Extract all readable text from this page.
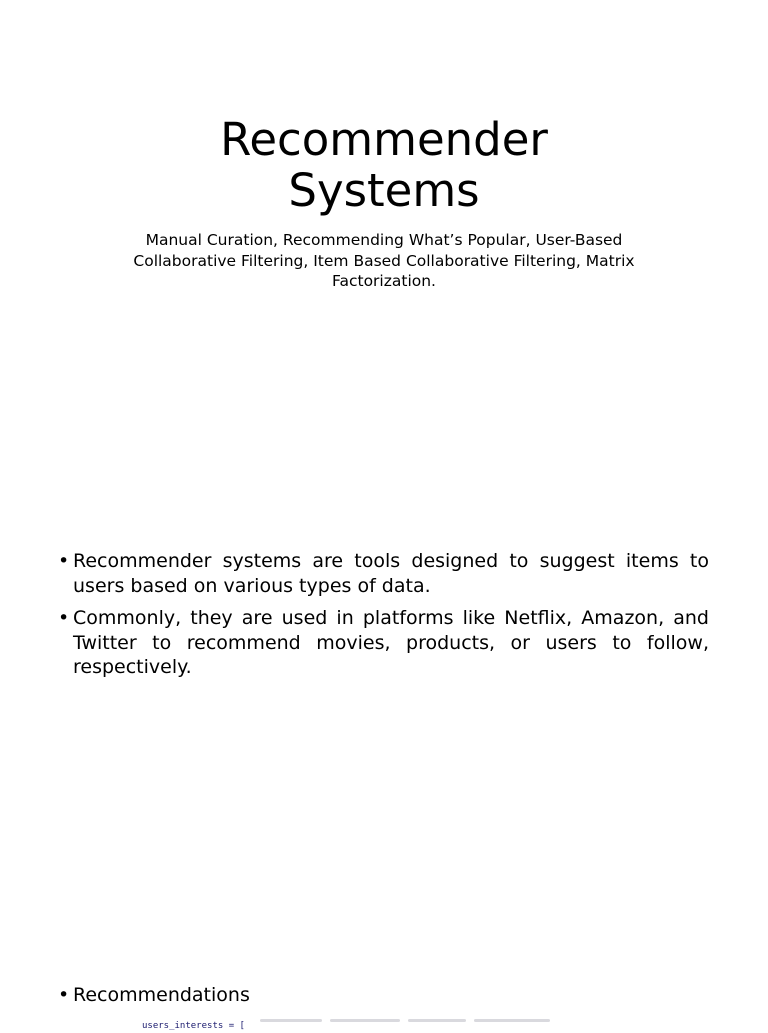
Recommender
Systems

Manual Curation, Recommending What’s Popular, User-Based
Collaborative Filtering, Item Based Collaborative Filtering, Matrix
Factorization.

• Recommender systems are tools designed to suggest items to users based on various types of data.
• Commonly, they are used in platforms like Netflix, Amazon, and Twitter to recommend movies, products, or users to follow, respectively.
• Recommendations
users_interests = [
